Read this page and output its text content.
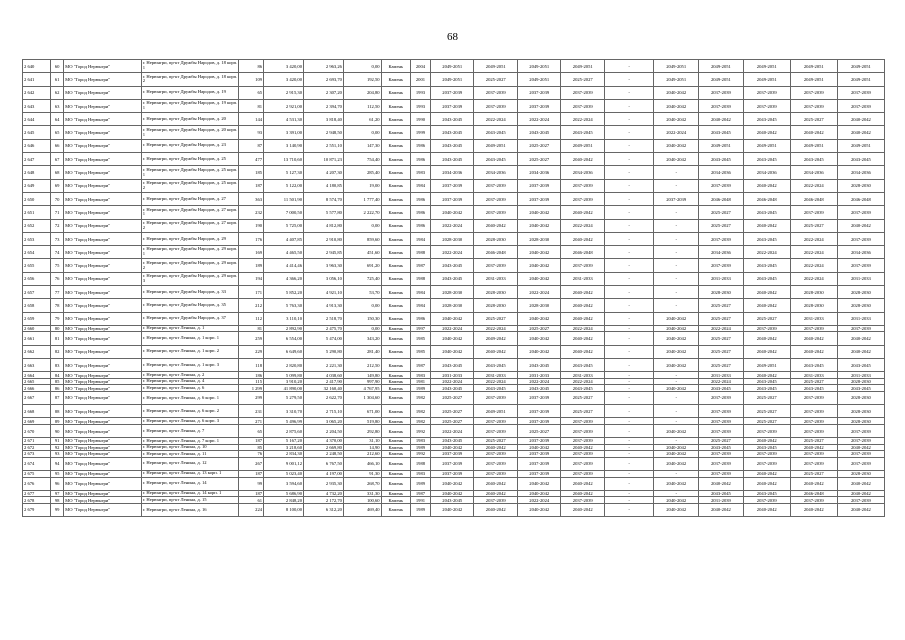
68
2 640	60	МО "Город Нерюнгри"	г. Нерюнгри, пр-кт Дружбы Народов, д. 18 корп. 1	86	3 420,00	2 963,26	0,00	Камень	2004	2049-2051	2049-2051	2049-2051	2049-2051	-	2049-2051	2049-2051	2049-2051	2049-2051	2049-2051
2 641	61	МО "Город Нерюнгри"	г. Нерюнгри, пр-кт Дружбы Народов, д. 18 корп. 2	109	3 420,00	2 693,70	192,50	Камень	2001	2049-2051	2025-2027	2049-2051	2025-2027	-	2049-2051	2049-2051	2049-2051	2049-2051	2049-2051
2 642	62	МО "Город Нерюнгри"	г. Нерюнгри, пр-кт Дружбы Народов, д. 19	65	2 915,30	2 307,20	204,80	Камень	1993	2037-2039	2037-2039	2037-2039	2037-2039	-	2040-2042	2037-2039	2037-2039	2037-2039	2037-2039
2 643	63	МО "Город Нерюнгри"	г. Нерюнгри, пр-кт Дружбы Народов, д. 19 корп. 1	81	2 921,00	2 394,70	112,50	Камень	1993	2037-2039	2037-2039	2037-2039	2037-2039	-	2040-2042	2037-2039	2037-2039	2037-2039	2037-2039
2 644	64	МО "Город Нерюнгри"	г. Нерюнгри, пр-кт Дружбы Народов, д. 20	144	4 531,30	3 818,40	61,20	Камень	1990	2043-2045	2022-2024	2022-2024	2022-2024	-	2040-2042	2040-2042	2043-2045	2025-2027	2040-2042
2 645	65	МО "Город Нерюнгри"	г. Нерюнгри, пр-кт Дружбы Народов, д. 20 корп. 1	93	3 391,00	2 948,50	0,00	Камень	1999	2043-2045	2043-2045	2043-2045	2043-2045	-	2022-2024	2043-2045	2040-2042	2040-2042	2040-2042
2 646	66	МО "Город Нерюнгри"	г. Нерюнгри, пр-кт Дружбы Народов, д. 23	87	3 140,90	2 551,10	147,30	Камень	1986	2043-2045	2049-2051	2025-2027	2049-2051	-	2040-2042	2049-2051	2049-2051	2049-2051	2049-2051
2 647	67	МО "Город Нерюнгри"	г. Нерюнгри, пр-кт Дружбы Народов, д. 25	477	13 710,60	10 871,23	754,40	Камень	1986	2043-2045	2043-2045	2025-2027	2040-2042	-	2040-2042	2043-2045	2043-2045	2043-2045	2043-2045
2 648	68	МО "Город Нерюнгри"	г. Нерюнгри, пр-кт Дружбы Народов, д. 25 корп. 1	185	5 127,30	4 207,30	285,40	Камень	1983	2034-2036	2034-2036	2034-2036	2034-2036	-	-	2034-2036	2034-2036	2034-2036	2034-2036
2 649	69	МО "Город Нерюнгри"	г. Нерюнгри, пр-кт Дружбы Народов, д. 25 корп. 2	187	5 122,00	4 180,85	19,00	Камень	1984	2037-2039	2037-2039	2037-2039	2037-2039	-	-	2037-2039	2040-2042	2022-2024	2028-2030
2 650	70	МО "Город Нерюнгри"	г. Нерюнгри, пр-кт Дружбы Народов, д. 27	363	11 501,90	8 574,70	1 777,40	Камень	1986	2037-2039	2037-2039	2037-2039	2037-2039	-	2037-2039	2046-2048	2046-2048	2046-2048	2046-2048
2 651	71	МО "Город Нерюнгри"	г. Нерюнгри, пр-кт Дружбы Народов, д. 27 корп. 1	232	7 000,50	5 577,80	2 222,70	Камень	1986	2040-2042	2037-2039	2040-2042	2040-2042	-	-	2025-2027	2043-2045	2037-2039	2037-2039
2 652	72	МО "Город Нерюнгри"	г. Нерюнгри, пр-кт Дружбы Народов, д. 27 корп. 2	190	5 725,00	4 812,80	0,00	Камень	1986	2022-2024	2040-2042	2040-2042	2022-2024	-	-	2025-2027	2040-2042	2025-2027	2040-2042
2 653	73	МО "Город Нерюнгри"	г. Нерюнгри, пр-кт Дружбы Народов, д. 29	176	4 407,85	2 910,80	859,60	Камень	1984	2028-2030	2028-2030	2028-2030	2040-2042	-	-	2037-2039	2043-2045	2022-2024	2037-2039
2 654	74	МО "Город Нерюнгри"	г. Нерюнгри, пр-кт Дружбы Народов, д. 29 корп. 1	169	4 465,50	2 945,85	451,60	Камень	1988	2022-2024	2046-2048	2040-2042	2046-2048	-	-	2034-2036	2022-2024	2022-2024	2034-2036
2 655	75	МО "Город Нерюнгри"	г. Нерюнгри, пр-кт Дружбы Народов, д. 29 корп. 2	189	4 414,46	3 963,30	691,20	Камень	1987	2043-2045	2037-2039	2040-2042	2037-2039	-	-	2037-2039	2043-2045	2022-2024	2037-2039
2 656	76	МО "Город Нерюнгри"	г. Нерюнгри, пр-кт Дружбы Народов, д. 29 корп. 3	194	4 366,20	3 056,10	725,40	Камень	1988	2043-2045	2031-2033	2040-2042	2031-2033	-	-	2031-2033	2043-2045	2022-2024	2031-2033
2 657	77	МО "Город Нерюнгри"	г. Нерюнгри, пр-кт Дружбы Народов, д. 33	171	5 852,20	4 921,10	53,70	Камень	1984	2028-2030	2028-2030	2022-2024	2040-2042	-	-	2028-2030	2040-2042	2028-2030	2028-2030
2 658	78	МО "Город Нерюнгри"	г. Нерюнгри, пр-кт Дружбы Народов, д. 35	212	5 763,30	4 913,30	0,00	Камень	1984	2028-2030	2028-2030	2028-2030	2040-2042	-	-	2025-2027	2040-2042	2028-2030	2028-2030
2 659	79	МО "Город Нерюнгри"	г. Нерюнгри, пр-кт Дружбы Народов, д. 37	112	3 110,10	2 518,70	150,30	Камень	1986	2040-2042	2025-2027	2040-2042	2040-2042	-	2040-2042	2025-2027	2025-2027	2031-2033	2031-2033
2 660	80	МО "Город Нерюнгри"	г. Нерюнгри, пр-кт Ленина, д. 1	81	2 892,90	2 475,70	0,00	Камень	1997	2022-2024	2022-2024	2025-2027	2022-2024	-	2040-2042	2022-2024	2037-2039	2037-2039	2037-2039
2 661	81	МО "Город Нерюнгри"	г. Нерюнгри, пр-кт Ленина, д. 1 корп. 1	259	6 554,00	5 474,00	343,20	Камень	1985	2040-2042	2049-2042	2040-2042	2040-2042	-	2040-2042	2025-2027	2040-2042	2040-2042	2040-2042
2 662	82	МО "Город Нерюнгри"	г. Нерюнгри, пр-кт Ленина, д. 1 корп. 2	229	6 649,60	5 290,80	281,40	Камень	1985	2040-2042	2040-2042	2040-2042	2040-2042	-	2040-2042	2025-2027	2040-2042	2040-2042	2040-2042
2 663	83	МО "Город Нерюнгри"	г. Нерюнгри, пр-кт Ленина, д. 1 корп. 3	118	2 820,80	2 221,30	212,50	Камень	1987	2043-2045	2043-2045	2043-2045	2043-2045	-	2040-2042	2025-2027	2049-2051	2043-2045	2043-2045
2 664	84	МО "Город Нерюнгри"	г. Нерюнгри, пр-кт Ленина, д. 2	186	5 099,80	4 038,60	149,80	Камень	1983	2031-2033	2031-2033	2031-2033	2031-2033	-	-	2031-2033	2040-2042	2031-2033	2031-2033
2 665	85	МО "Город Нерюнгри"	г. Нерюнгри, пр-кт Ленина, д. 4	115	3 910,20	2 417,90	997,90	Камень	1981	2022-2024	2022-2024	2022-2024	2022-2024	-	-	2022-2024	2043-2045	2025-2027	2028-2030
2 666	86	МО "Город Нерюнгри"	г. Нерюнгри, пр-кт Ленина, д. 6	1 299	41 890,00	32 160,40	4 767,95	Камень	1989	2043-2045	2043-2045	2043-2045	2043-2045	-	2040-2042	2043-2045	2043-2045	2043-2045	2043-2045
2 667	87	МО "Город Нерюнгри"	г. Нерюнгри, пр-кт Ленина, д. 6 корп. 1	299	5 279,50	2 622,70	1 304,60	Камень	1982	2025-2027	2037-2039	2037-2039	2025-2027	-	-	2037-2039	2025-2027	2037-2039	2028-2030
2 668	88	МО "Город Нерюнгри"	г. Нерюнгри, пр-кт Ленина, д. 6 корп. 2	231	3 310,70	2 715,10	671,00	Камень	1982	2025-2027	2049-2051	2037-2039	2025-2027	-	-	2037-2039	2025-2027	2037-2039	2028-2030
2 669	89	МО "Город Нерюнгри"	г. Нерюнгри, пр-кт Ленина, д. 6 корп. 3	271	5 496,99	3 065,20	519,80	Камень	1982	2025-2027	2037-2039	2037-2039	2037-2039	-	-	2037-2039	2025-2027	2037-2039	2028-2030
2 670	90	МО "Город Нерюнгри"	г. Нерюнгри, пр-кт Ленина, д. 7	65	2 875,60	2 204,50	292,80	Камень	1992	2022-2024	2037-2039	2025-2027	2037-2039	-	2040-2042	2037-2039	2037-2039	2037-2039	2037-2039
2 671	91	МО "Город Нерюнгри"	г. Нерюнгри, пр-кт Ленина, д. 7 корп. 1	187	5 167,20	4 370,00	31,10	Камень	1983	2043-2045	2025-2027	2037-2039	2037-2039	-	-	2025-2027	2040-2042	2025-2027	2037-2039
2 672	92	МО "Город Нерюнгри"	г. Нерюнгри, пр-кт Ленина, д. 10	85	3 218,60	2 669,80	14,90	Камень	1989	2040-2042	2040-2042	2040-2042	2040-2042	-	2040-2042	2043-2045	2043-2045	2040-2042	2040-2042
2 673	93	МО "Город Нерюнгри"	г. Нерюнгри, пр-кт Ленина, д. 11	76	2 834,30	2 248,50	212,60	Камень	1992	2037-2039	2037-2039	2037-2039	2037-2039	-	2040-2042	2037-2039	2037-2039	2037-2039	2037-2039
2 674	94	МО "Город Нерюнгри"	г. Нерюнгри, пр-кт Ленина, д. 12	267	9 001,12	6 767,50	466,10	Камень	1988	2037-2039	2037-2039	2037-2039	2037-2039	-	2040-2042	2037-2039	2037-2039	2037-2039	2037-2039
2 675	95	МО "Город Нерюнгри"	г. Нерюнгри, пр-кт Ленина, д. 13 корп. 1	187	5 023,40	4 197,00	91,30	Камень	1983	2037-2039	2037-2039	2037-2039	2037-2039	-	-	2037-2039	2040-2042	2025-2027	2028-2030
2 676	96	МО "Город Нерюнгри"	г. Нерюнгри, пр-кт Ленина, д. 14	99	3 594,60	2 935,30	268,70	Камень	1989	2040-2042	2040-2042	2040-2042	2040-2042	-	2040-2042	2040-2042	2040-2042	2040-2042	2040-2042
2 677	97	МО "Город Нерюнгри"	г. Нерюнгри, пр-кт Ленина, д. 14 корп. 1	187	5 686,90	4 732,20	331,30	Камень	1987	2040-2042	2040-2042	2040-2042	2040-2042	-	-	2043-2045	2043-2045	2046-2048	2040-2042
2 678	98	МО "Город Нерюнгри"	г. Нерюнгри, пр-кт Ленина, д. 15	61	2 848,20	2 172,70	100,60	Камень	1991	2043-2045	2037-2039	2022-2024	2037-2039	-	2040-2042	2031-2039	2037-2039	2037-2039	2037-2039
2 679	99	МО "Город Нерюнгри"	г. Нерюнгри, пр-кт Ленина, д. 16	224	8 100,00	6 312,20	469,40	Камень	1989	2040-2042	2040-2042	2040-2042	2040-2042	-	2040-2042	2040-2042	2040-2042	2040-2042	2040-2042
